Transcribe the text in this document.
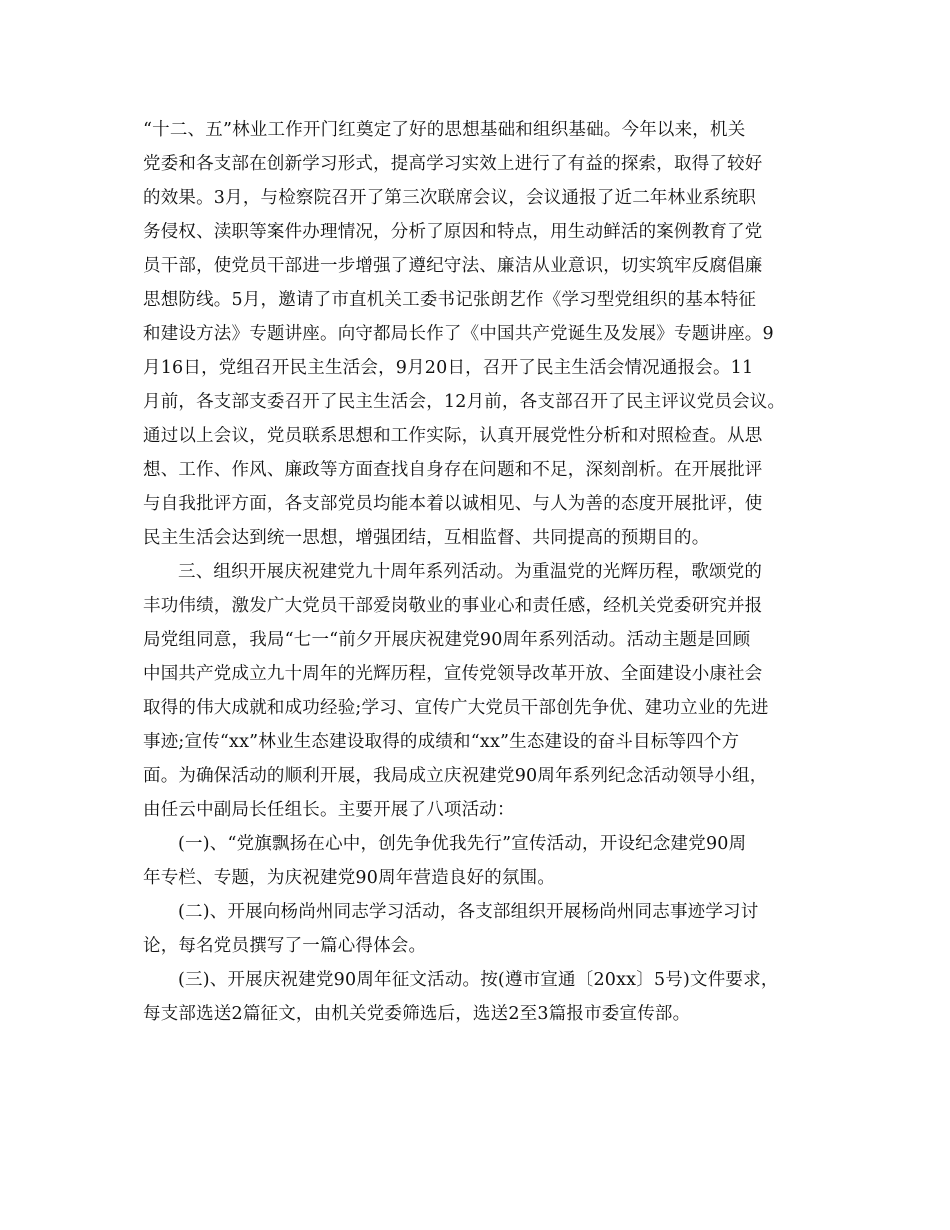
“十二、五”林业工作开门红奠定了好的思想基础和组织基础。今年以来，机关
党委和各支部在创新学习形式，提高学习实效上进行了有益的探索，取得了较好
的效果。3月，与检察院召开了第三次联席会议，会议通报了近二年林业系统职
务侵权、渎职等案件办理情况，分析了原因和特点，用生动鲜活的案例教育了党
员干部，使党员干部进一步增强了遵纪守法、廉洁从业意识，切实筑牢反腐倡廉
思想防线。5月，邀请了市直机关工委书记张朗艺作《学习型党组织的基本特征
和建设方法》专题讲座。向守都局长作了《中国共产党诞生及发展》专题讲座。9
月16日，党组召开民主生活会，9月20日，召开了民主生活会情况通报会。11
月前，各支部支委召开了民主生活会，12月前，各支部召开了民主评议党员会议。
通过以上会议，党员联系思想和工作实际，认真开展党性分析和对照检查。从思
想、工作、作风、廉政等方面查找自身存在问题和不足，深刻剖析。在开展批评
与自我批评方面，各支部党员均能本着以诚相见、与人为善的态度开展批评，使
民主生活会达到统一思想，增强团结，互相监督、共同提高的预期目的。
三、组织开展庆祝建党九十周年系列活动。为重温党的光辉历程，歌颂党的
丰功伟绩，激发广大党员干部爱岗敬业的事业心和责任感，经机关党委研究并报
局党组同意，我局“七一“前夕开展庆祝建党90周年系列活动。活动主题是回顾
中国共产党成立九十周年的光辉历程，宣传党领导改革开放、全面建设小康社会
取得的伟大成就和成功经验;学习、宣传广大党员干部创先争优、建功立业的先进
事迹;宣传“xx”林业生态建设取得的成绩和“xx”生态建设的奋斗目标等四个方
面。为确保活动的顺利开展，我局成立庆祝建党90周年系列纪念活动领导小组，
由任云中副局长任组长。主要开展了八项活动：
(一)、“党旗飘扬在心中，创先争优我先行”宣传活动，开设纪念建党90周
年专栏、专题，为庆祝建党90周年营造良好的氛围。
(二)、开展向杨尚州同志学习活动，各支部组织开展杨尚州同志事迹学习讨
论，每名党员撰写了一篇心得体会。
(三)、开展庆祝建党90周年征文活动。按(遵市宣通〔20xx〕5号)文件要求，
每支部选送2篇征文，由机关党委筛选后，选送2至3篇报市委宣传部。
